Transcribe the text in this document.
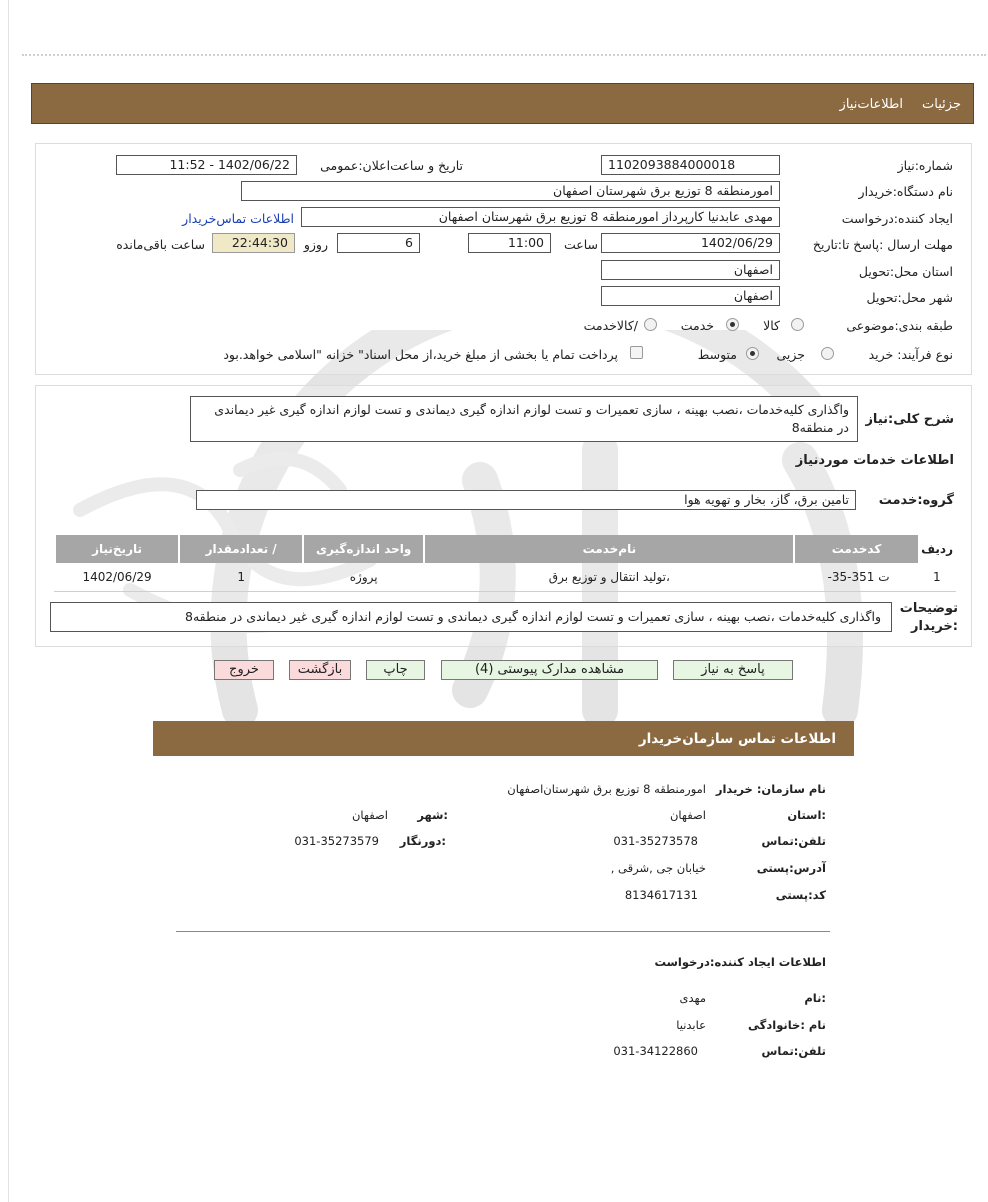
جزئیات
اطلاعات‌نیاز
شماره:نیاز
1102093884000018
تاریخ و ساعت‌اعلان:عمومی
1402/06/22 - 11:52
نام دستگاه:خریدار
امورمنطقه 8 توزیع برق شهرستان اصفهان
ایجاد کننده:درخواست
مهدی عابدنیا کارپرداز امورمنطقه 8 توزیع برق شهرستان اصفهان
اطلاعات تماس‌خریدار
مهلت ارسال :پاسخ تا:تاریخ
1402/06/29
ساعت
11:00
6
روزو
22:44:30
ساعت باقی‌مانده
استان محل:تحویل
اصفهان
شهر محل:تحویل
اصفهان
طبقه بندی:موضوعی
کالا
خدمت
/کالاخدمت
نوع فرآیند: خرید
جزیی
متوسط
پرداخت تمام یا بخشی از مبلغ خرید،از محل اسناد" خزانه "اسلامی خواهد.بود
شرح کلی:نیاز
واگذاری کلیه‌خدمات ،نصب بهینه ، سازی تعمیرات و تست لوازم اندازه گیری دیماندی و تست لوازم اندازه گیری غیر دیماندی در منطقه8
اطلاعات خدمات موردنیاز
گروه:خدمت
تامین برق، گاز، بخار و تهویه هوا
ردیف	کدخدمت	نام‌خدمت	واحد اندازه‌گیری	/ تعدادمقدار	تاریخ‌نیاز
1	ت 351-35-	،تولید انتقال و توزیع برق	پروژه	1	1402/06/29
توضیحات
:خریدار
واگذاری کلیه‌خدمات ،نصب بهینه ، سازی تعمیرات و تست لوازم اندازه گیری دیماندی و تست لوازم اندازه گیری غیر دیماندی در منطقه8
پاسخ به نیاز
مشاهده مدارک پیوستی (4)
چاپ
بازگشت
خروج
اطلاعات تماس سازمان‌خریدار
نام سازمان: خریدار
امورمنطقه 8 توزیع برق شهرستان‌اصفهان
:استان
اصفهان
:شهر
اصفهان
تلفن:تماس
031-35273578
:دورنگار
031-35273579
آدرس:پستی
خیابان جی ,شرقی ,
کد:پستی
8134617131
اطلاعات ایجاد کننده:درخواست
:نام
مهدی
نام :خانوادگی
عابدنیا
تلفن:تماس
031-34122860
